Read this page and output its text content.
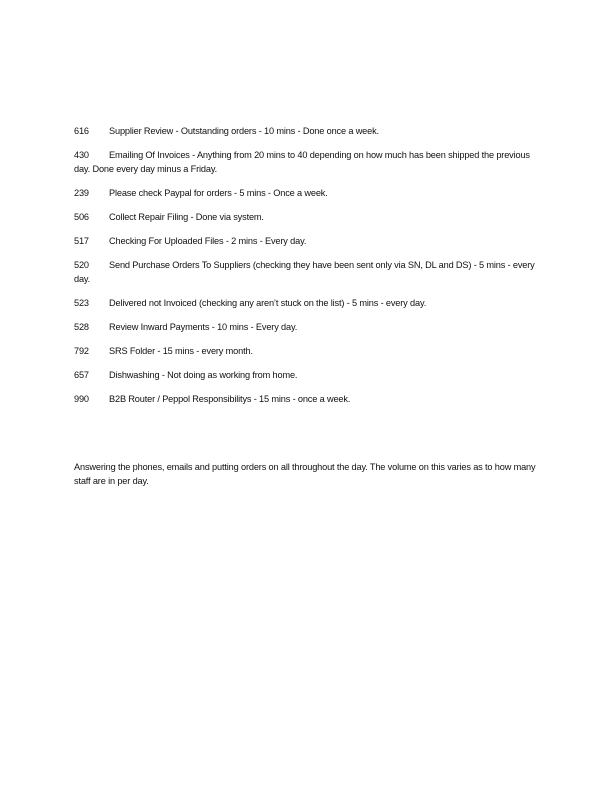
616 Supplier Review - Outstanding orders - 10 mins - Done once a week.
430 Emailing Of Invoices - Anything from 20 mins to 40 depending on how much has been shipped the previous day. Done every day minus a Friday.
239 Please check Paypal for orders - 5 mins - Once a week.
506 Collect Repair Filing - Done via system.
517 Checking For Uploaded Files - 2 mins - Every day.
520 Send Purchase Orders To Suppliers (checking they have been sent only via SN, DL and DS) - 5 mins - every day.
523 Delivered not Invoiced (checking any aren’t stuck on the list) - 5 mins - every day.
528 Review Inward Payments - 10 mins - Every day.
792 SRS Folder - 15 mins - every month.
657 Dishwashing - Not doing as working from home.
990 B2B Router / Peppol Responsibilitys - 15 mins - once a week.
Answering the phones, emails and putting orders on all throughout the day. The volume on this varies as to how many staff are in per day.
